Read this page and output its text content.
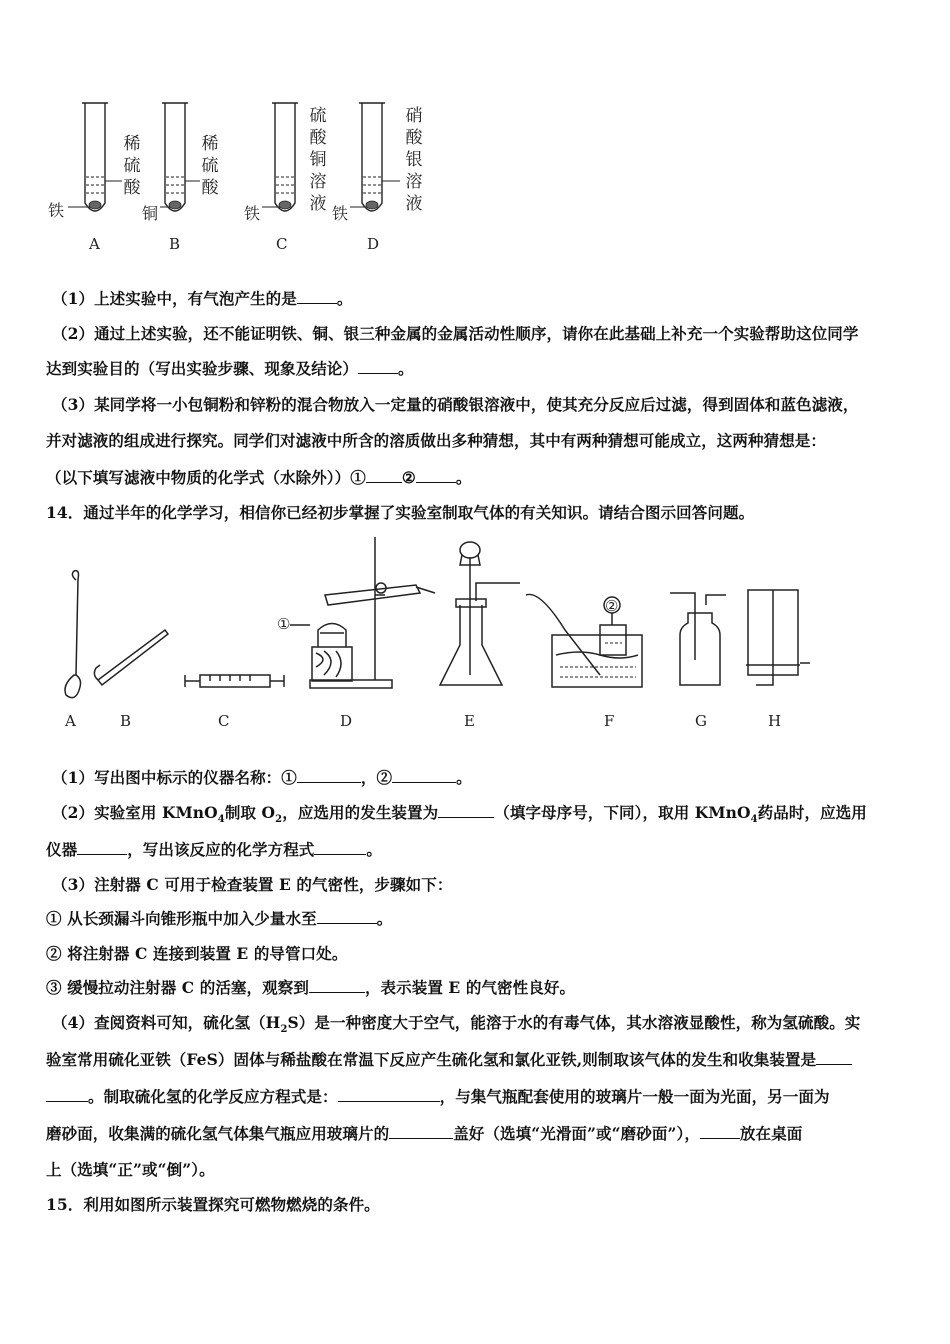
稀硫酸
稀硫酸
硫酸铜溶液
硝酸银溶液
铁	铜	铁	铁
A	B	C	D
（1）上述实验中，有气泡产生的是	。
（2）通过上述实验，还不能证明铁、铜、银三种金属的金属活动性顺序，请你在此基础上补充一个实验帮助这位同学
达到实验目的（写出实验步骤、现象及结论）	。
（3）某同学将一小包铜粉和锌粉的混合物放入一定量的硝酸银溶液中，使其充分反应后过滤，得到固体和蓝色滤液，
并对滤液的组成进行探究。同学们对滤液中所含的溶质做出多种猜想，其中有两种猜想可能成立，这两种猜想是：
（以下填写滤液中物质的化学式（水除外））① ②	。
14．通过半年的化学学习，相信你已经初步掌握了实验室制取气体的有关知识。请结合图示回答问题。
①
②
A	B	C	D	E	F	G	H
（1）写出图中标示的仪器名称：①	，②	。
（2）实验室用 KMnO$_4$制取 $O_2$，应选用的发生装置为	（填字母序号，下同），取用 KMnO$_4$药品时，应选用
仪器	，写出该反应的化学方程式	。
（3）注射器 C 可用于检查装置 E 的气密性，步骤如下：
① 从长颈漏斗向锥形瓶中加入少量水至	。
② 将注射器 C 连接到装置 E 的导管口处。
③ 缓慢拉动注射器 C 的活塞，观察到	，表示装置 E 的气密性良好。
（4）查阅资料可知，硫化氢$(H_2S)$是一种密度大于空气，能溶于水的有毒气体，其水溶液显酸性，称为氢硫酸。实
验室常用硫化亚铁（FeS）固体与稀盐酸在常温下反应产生硫化氢和氯化亚铁,则制取该气体的发生和收集装置是
。制取硫化氢的化学反应方程式是：	，与集气瓶配套使用的玻璃片一般一面为光面，另一面为
磨砂面，收集满的硫化氢气体集气瓶应用玻璃片的	盖好（选填“光滑面”或“磨砂面”），	放在桌面
上（选填“正”或“倒”）。
15．利用如图所示装置探究可燃物燃烧的条件。
